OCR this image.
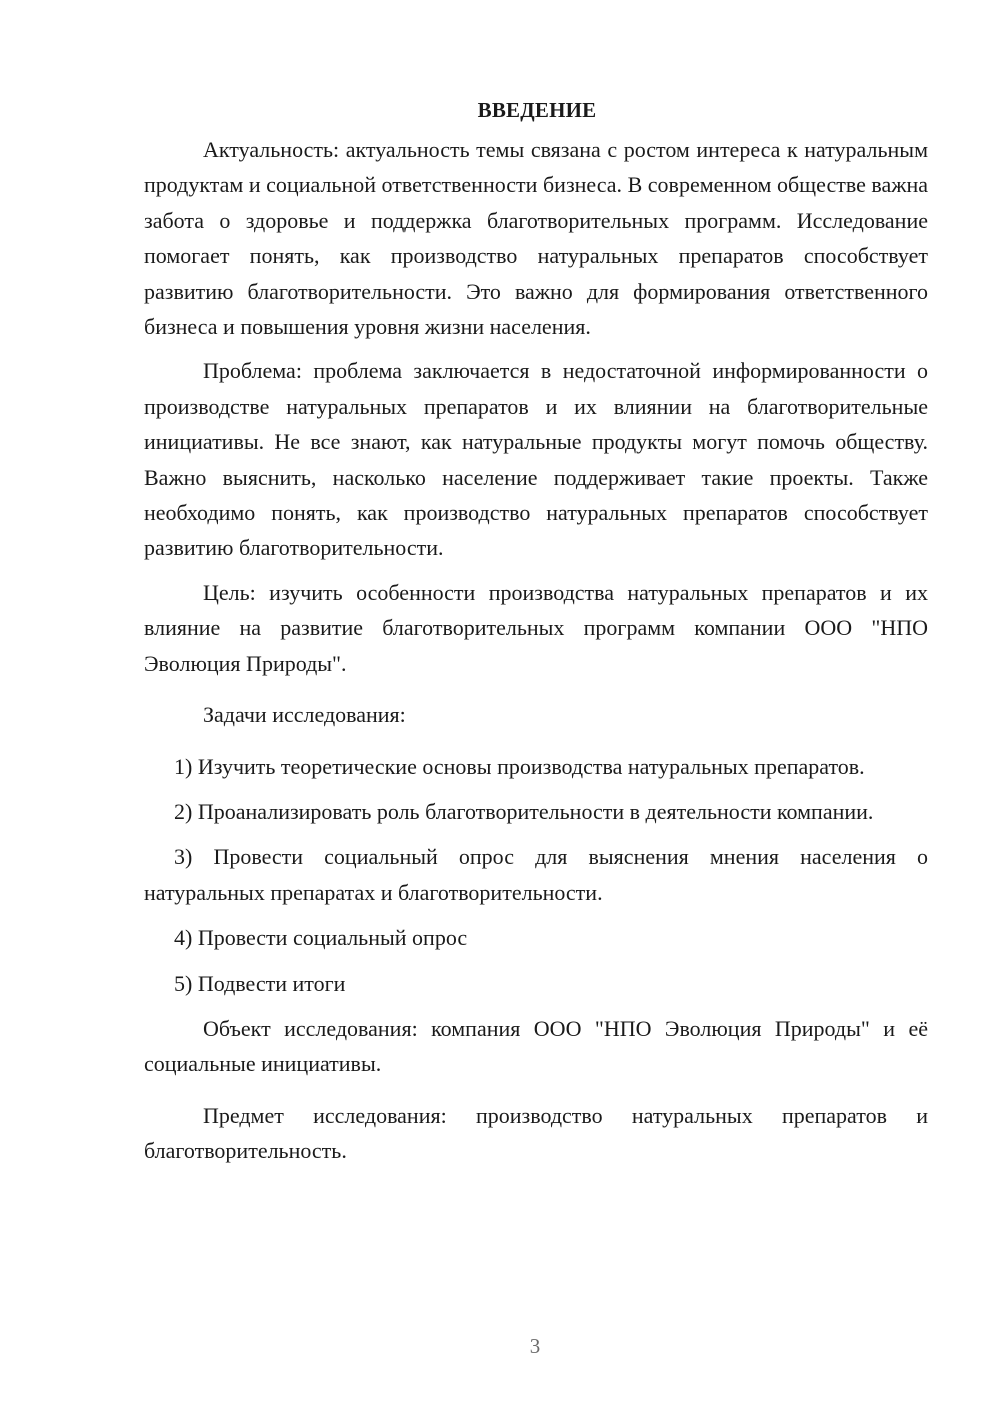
ВВЕДЕНИЕ

Актуальность: актуальность темы связана с ростом интереса к натуральным продуктам и социальной ответственности бизнеса. В современном обществе важна забота о здоровье и поддержка благотворительных программ. Исследование помогает понять, как производство натуральных препаратов способствует развитию благотворительности. Это важно для формирования ответственного бизнеса и повышения уровня жизни населения.

Проблема: проблема заключается в недостаточной информированности о производстве натуральных препаратов и их влиянии на благотворительные инициативы. Не все знают, как натуральные продукты могут помочь обществу. Важно выяснить, насколько население поддерживает такие проекты. Также необходимо понять, как производство натуральных препаратов способствует развитию благотворительности.

Цель: изучить особенности производства натуральных препаратов и их влияние на развитие благотворительных программ компании ООО "НПО Эволюция Природы".

Задачи исследования:

1) Изучить теоретические основы производства натуральных препаратов.

2) Проанализировать роль благотворительности в деятельности компании.

3) Провести социальный опрос для выяснения мнения населения о натуральных препаратах и благотворительности.

4) Провести социальный опрос

5) Подвести итоги

Объект исследования: компания ООО "НПО Эволюция Природы" и её социальные инициативы.

Предмет исследования: производство натуральных препаратов и благотворительность.

3
